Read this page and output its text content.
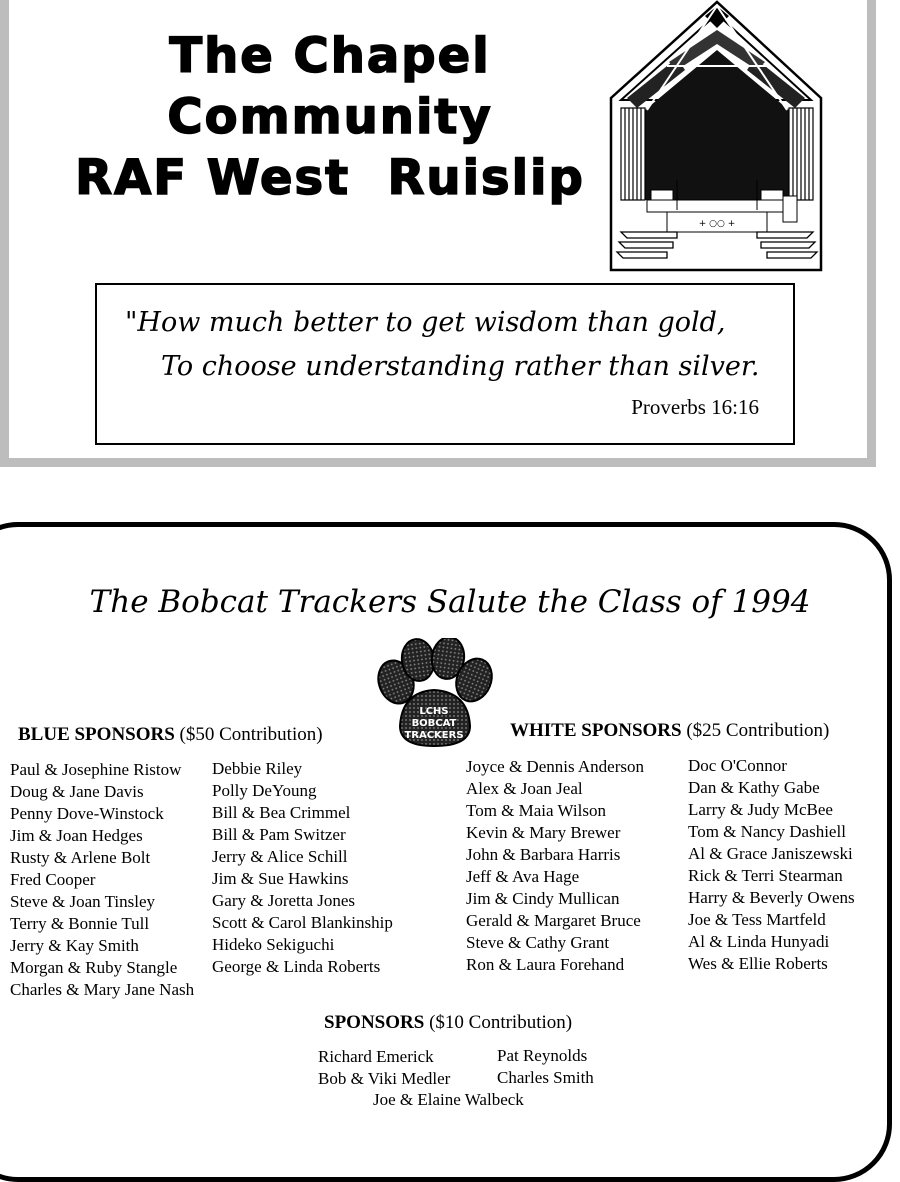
The Chapel
Community
RAF West  Ruislip
+ ○○ +
"How much better to get wisdom than gold,
To choose understanding rather than silver.
Proverbs 16:16
The Bobcat Trackers Salute the Class of 1994
LCHS
BOBCAT
TRACKERS
BLUE SPONSORS ($50 Contribution)
Paul & Josephine Ristow
Doug & Jane Davis
Penny Dove-Winstock
Jim & Joan Hedges
Rusty & Arlene Bolt
Fred Cooper
Steve & Joan Tinsley
Terry & Bonnie Tull
Jerry & Kay Smith
Morgan & Ruby Stangle
Charles & Mary Jane Nash
Debbie Riley
Polly DeYoung
Bill & Bea Crimmel
Bill & Pam Switzer
Jerry & Alice Schill
Jim & Sue Hawkins
Gary & Joretta Jones
Scott & Carol Blankinship
Hideko Sekiguchi
George & Linda Roberts
WHITE SPONSORS ($25 Contribution)
Joyce & Dennis Anderson
Alex & Joan Jeal
Tom & Maia Wilson
Kevin & Mary Brewer
John & Barbara Harris
Jeff & Ava Hage
Jim & Cindy Mullican
Gerald & Margaret Bruce
Steve & Cathy Grant
Ron & Laura Forehand
Doc O'Connor
Dan & Kathy Gabe
Larry & Judy McBee
Tom & Nancy Dashiell
Al & Grace Janiszewski
Rick & Terri Stearman
Harry & Beverly Owens
Joe & Tess Martfeld
Al & Linda Hunyadi
Wes & Ellie Roberts
SPONSORS ($10 Contribution)
Richard Emerick
Bob & Viki Medler
Pat Reynolds
Charles Smith
Joe & Elaine Walbeck
